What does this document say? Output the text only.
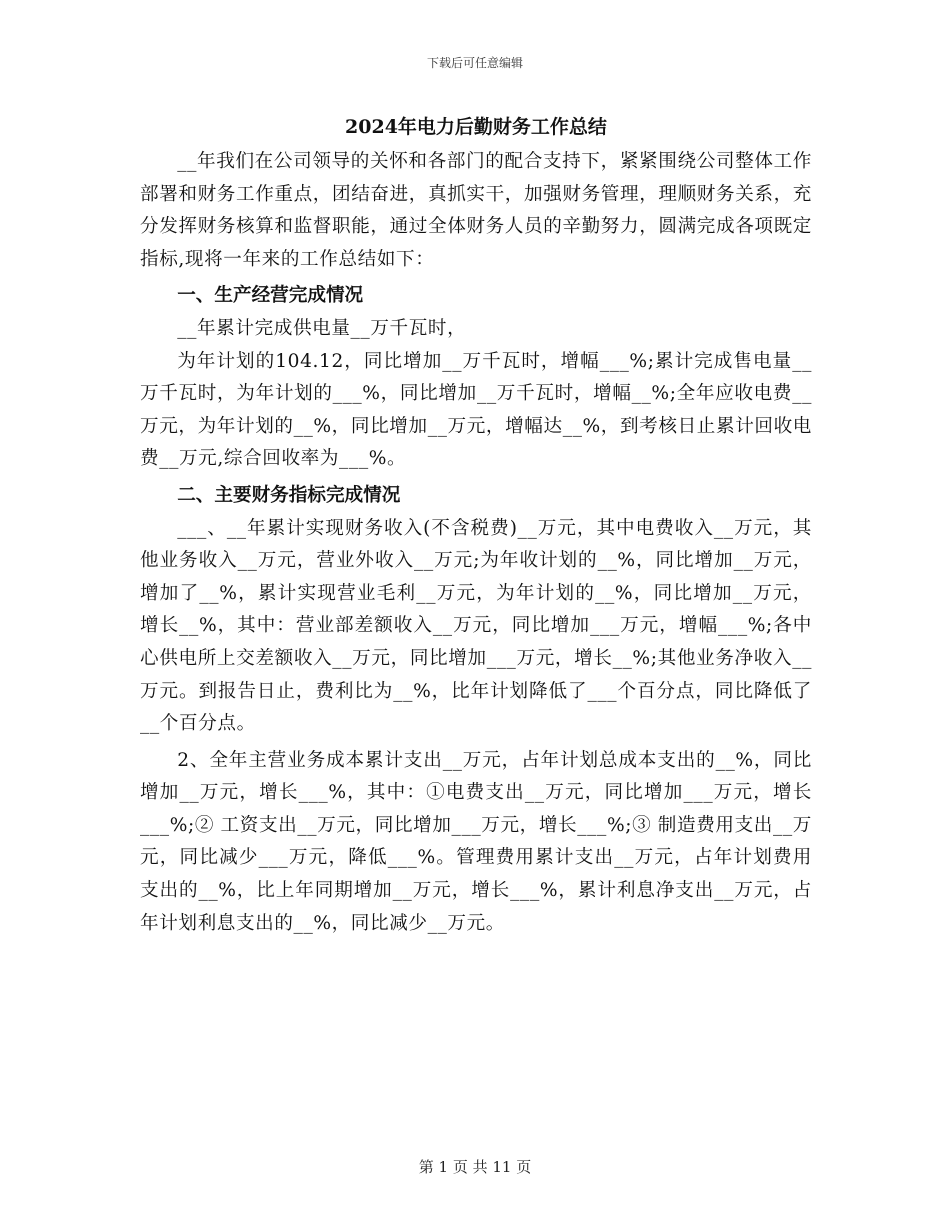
下载后可任意编辑
2024年电力后勤财务工作总结

__年我们在公司领导的关怀和各部门的配合支持下，紧紧围绕公司整体工作部署和财务工作重点，团结奋进，真抓实干，加强财务管理，理顺财务关系，充分发挥财务核算和监督职能，通过全体财务人员的辛勤努力，圆满完成各项既定指标,现将一年来的工作总结如下：

一、生产经营完成情况

__年累计完成供电量__万千瓦时，

为年计划的104.12，同比增加__万千瓦时，增幅___%;累计完成售电量__万千瓦时，为年计划的___%，同比增加__万千瓦时，增幅__%;全年应收电费__万元，为年计划的__%，同比增加__万元，增幅达__%，到考核日止累计回收电费__万元,综合回收率为___%。

二、主要财务指标完成情况

___、__年累计实现财务收入(不含税费)__万元，其中电费收入__万元，其他业务收入__万元，营业外收入__万元;为年收计划的__%，同比增加__万元，增加了__%，累计实现营业毛利__万元，为年计划的__%，同比增加__万元，增长__%，其中：营业部差额收入__万元，同比增加___万元，增幅___%;各中心供电所上交差额收入__万元，同比增加___万元，增长__%;其他业务净收入__万元。到报告日止，费利比为__%，比年计划降低了___个百分点，同比降低了__个百分点。

2、全年主营业务成本累计支出__万元，占年计划总成本支出的__%，同比增加__万元，增长___%，其中：①电费支出__万元，同比增加___万元，增长___%;② 工资支出__万元，同比增加___万元，增长___%;③ 制造费用支出__万元，同比减少___万元，降低___%。管理费用累计支出__万元，占年计划费用支出的__%，比上年同期增加__万元，增长___%，累计利息净支出__万元，占年计划利息支出的__%，同比减少__万元。

第 1 页 共 11 页
